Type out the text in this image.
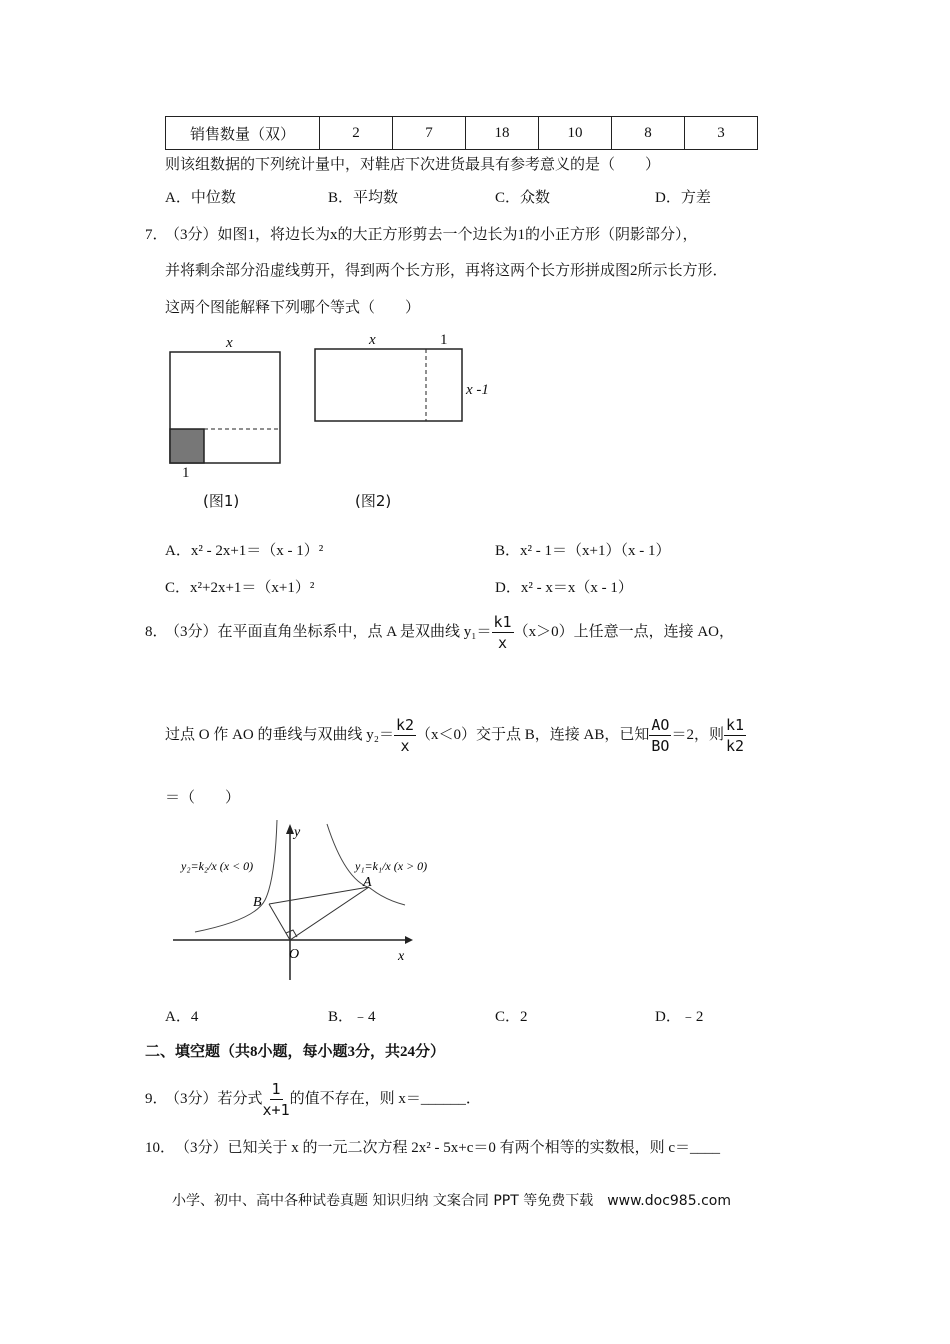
销售数量（双）	2	7	18	10	8	3
则该组数据的下列统计量中，对鞋店下次进货最具有参考意义的是（　　）
A．中位数	B．平均数	C．众数	D．方差
7．
（3分）如图1，将边长为x的大正方形剪去一个边长为1的小正方形（阴影部分），
并将剩余部分沿虚线剪开，得到两个长方形，再将这两个长方形拼成图2所示长方形．
这两个图能解释下列哪个等式（　　）
x
1
(图1)
x	1
x -1
(图2)
A．x² - 2x+1＝（x - 1）²	B．x² - 1＝（x+1）（x - 1）
C．x²+2x+1＝（x+1）²	D．x² - x＝x（x - 1）
8．
（3分）在平面直角坐标系中，点 A 是双曲线 $y_1= \frac{k1}{x} (x>0)$上任意一点，连接 AO，
过点 O 作 AO 的垂线与双曲线 $y_2= \frac{k2}{x} (x<0)$交于点 B，连接 AB，已知 $\frac{AO}{BO} =2$，则 $\frac{k1}{k2}$
＝（　　）
y
x
O
A
B
y₁=k₁/x (x > 0)
y₂=k₂/x (x < 0)
A．4	B．﹣4	C．2	D．﹣2
二、填空题（共8小题，每小题3分，共24分）
9．
（3分）若分式 $\frac{1}{x+1}$ 的值不存在，则 x＝______．
10． （3分）已知关于 x 的一元二次方程 2x² - 5x+c＝0 有两个相等的实数根，则 c＝____
小学、初中、高中各种试卷真题 知识归纳 文案合同 PPT 等免费下载　www.doc985.com
